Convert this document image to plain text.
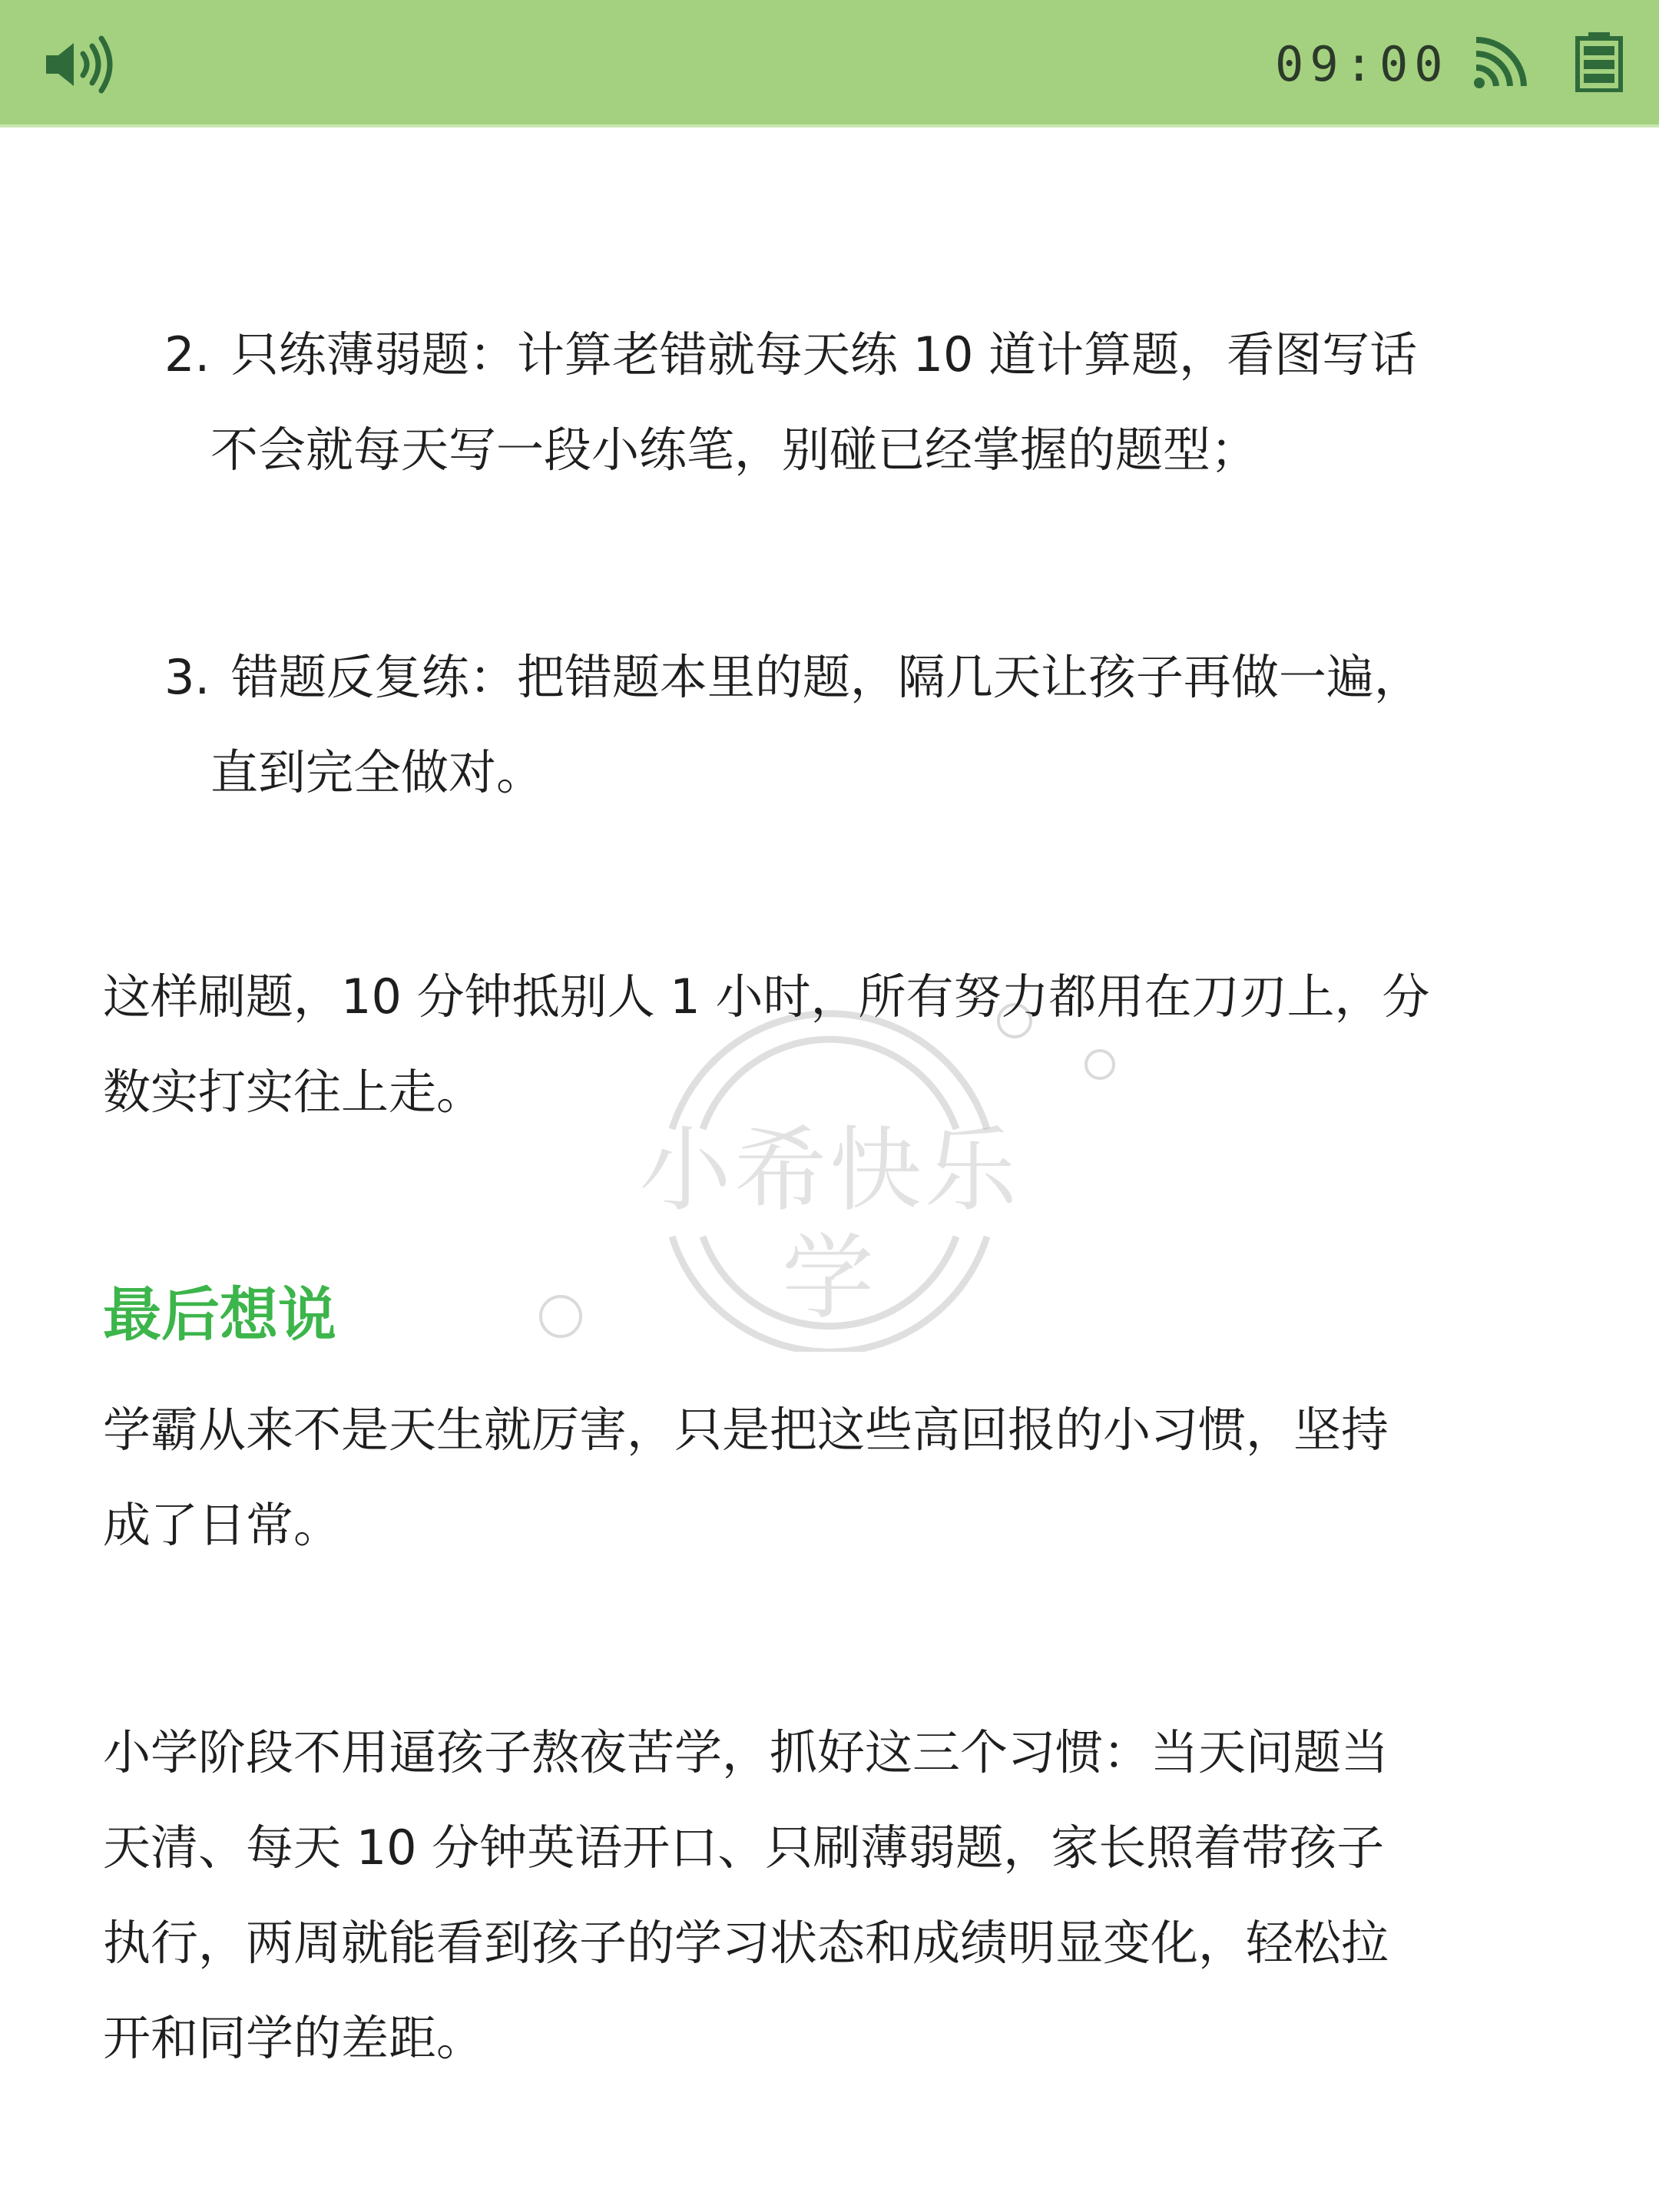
09:00
小希快乐学
2. 只练薄弱题：计算老错就每天练 10 道计算题，看图写话
不会就每天写一段小练笔，别碰已经掌握的题型；
3. 错题反复练：把错题本里的题，隔几天让孩子再做一遍，
直到完全做对。
这样刷题，10 分钟抵别人 1 小时，所有努力都用在刀刃上，分
数实打实往上走。
最后想说
学霸从来不是天生就厉害，只是把这些高回报的小习惯，坚持
成了日常。
小学阶段不用逼孩子熬夜苦学，抓好这三个习惯：当天问题当
天清、每天 10 分钟英语开口、只刷薄弱题，家长照着带孩子
执行，两周就能看到孩子的学习状态和成绩明显变化，轻松拉
开和同学的差距。
